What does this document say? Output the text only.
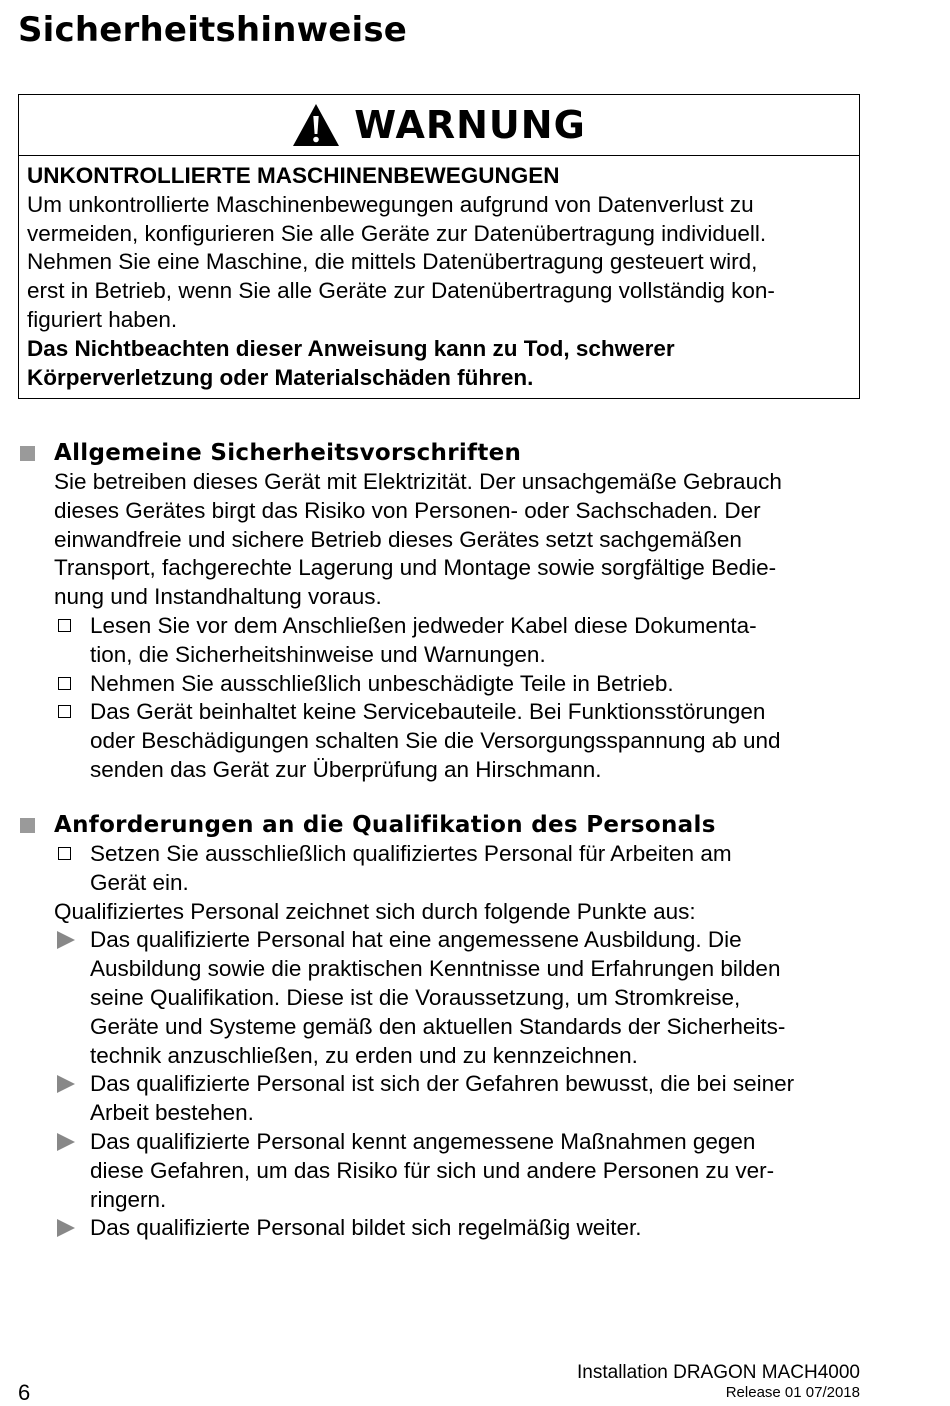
Sicherheitshinweise
WARNUNG
UNKONTROLLIERTE MASCHINENBEWEGUNGEN
Um unkontrollierte Maschinenbewegungen aufgrund von Datenverlust zu
vermeiden, konfigurieren Sie alle Geräte zur Datenübertragung individuell.
Nehmen Sie eine Maschine, die mittels Datenübertragung gesteuert wird,
erst in Betrieb, wenn Sie alle Geräte zur Datenübertragung vollständig kon-
figuriert haben.
Das Nichtbeachten dieser Anweisung kann zu Tod, schwerer
Körperverletzung oder Materialschäden führen.
Allgemeine Sicherheitsvorschriften
Sie betreiben dieses Gerät mit Elektrizität. Der unsachgemäße Gebrauch
dieses Gerätes birgt das Risiko von Personen- oder Sachschaden. Der
einwandfreie und sichere Betrieb dieses Gerätes setzt sachgemäßen
Transport, fachgerechte Lagerung und Montage sowie sorgfältige Bedie-
nung und Instandhaltung voraus.
Lesen Sie vor dem Anschließen jedweder Kabel diese Dokumenta-
tion, die Sicherheitshinweise und Warnungen.
Nehmen Sie ausschließlich unbeschädigte Teile in Betrieb.
Das Gerät beinhaltet keine Servicebauteile. Bei Funktionsstörungen
oder Beschädigungen schalten Sie die Versorgungsspannung ab und
senden das Gerät zur Überprüfung an Hirschmann.
Anforderungen an die Qualifikation des Personals
Setzen Sie ausschließlich qualifiziertes Personal für Arbeiten am
Gerät ein.
Qualifiziertes Personal zeichnet sich durch folgende Punkte aus:
Das qualifizierte Personal hat eine angemessene Ausbildung. Die
Ausbildung sowie die praktischen Kenntnisse und Erfahrungen bilden
seine Qualifikation. Diese ist die Voraussetzung, um Stromkreise,
Geräte und Systeme gemäß den aktuellen Standards der Sicherheits-
technik anzuschließen, zu erden und zu kennzeichnen.
Das qualifizierte Personal ist sich der Gefahren bewusst, die bei seiner
Arbeit bestehen.
Das qualifizierte Personal kennt angemessene Maßnahmen gegen
diese Gefahren, um das Risiko für sich und andere Personen zu ver-
ringern.
Das qualifizierte Personal bildet sich regelmäßig weiter.
Installation DRAGON MACH4000
Release 01 07/2018
6
